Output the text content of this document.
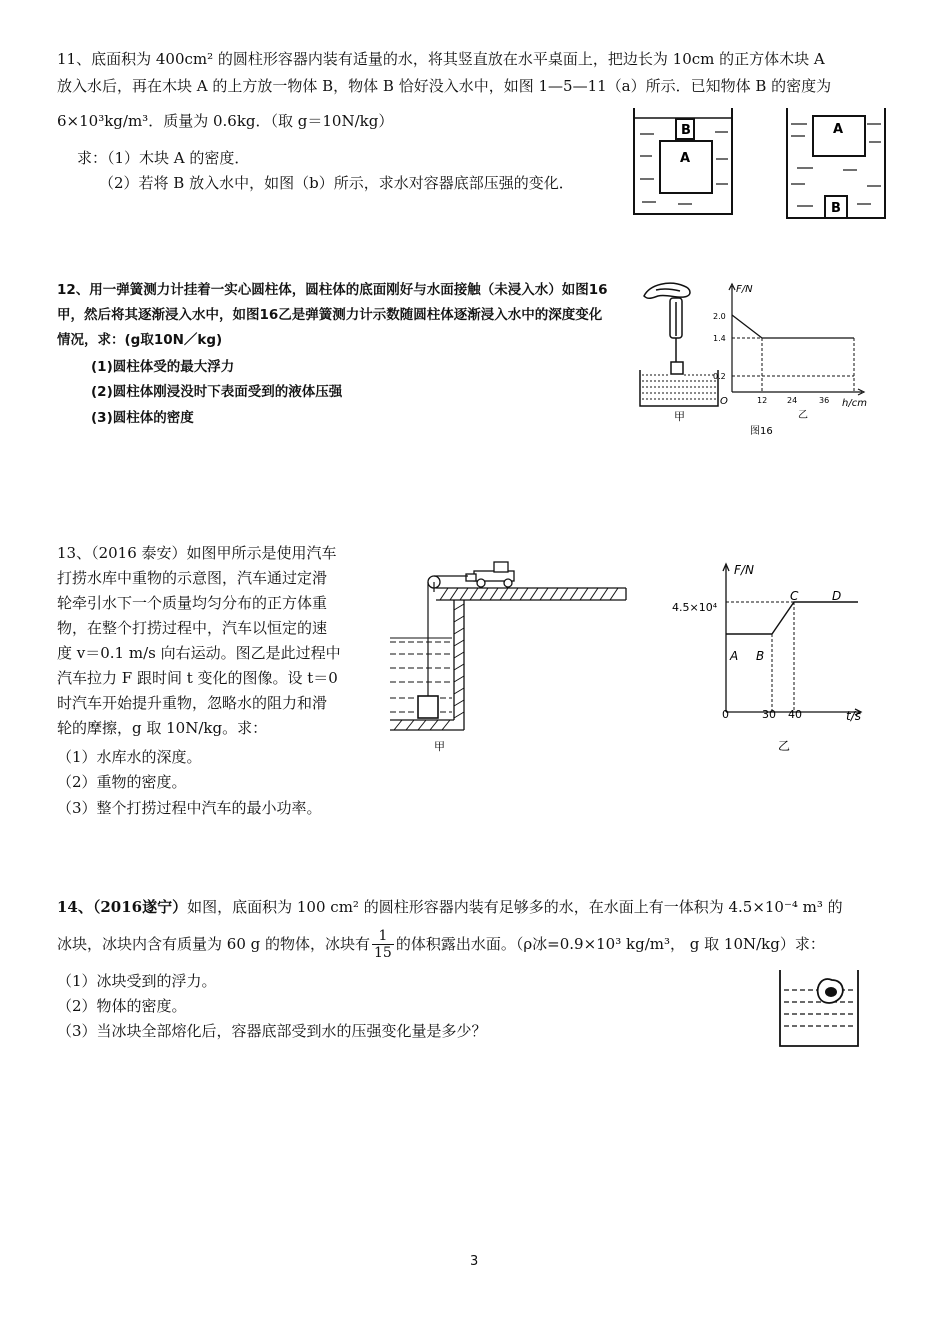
11、底面积为 400cm² 的圆柱形容器内装有适量的水，将其竖直放在水平桌面上，把边长为 10cm 的正方体木块 A
放入水后，再在木块 A 的上方放一物体 B，物体 B 恰好没入水中，如图 1—5—11（a）所示．已知物体 B 的密度为
6×10³kg/m³．质量为 0.6kg．（取 g＝10N/kg）
求：（1）木块 A 的密度．
（2）若将 B 放入水中，如图（b）所示，求水对容器底部压强的变化．
B
A
A
B
12、用一弹簧测力计挂着一实心圆柱体，圆柱体的底面刚好与水面接触（未浸入水）如图16
甲，然后将其逐渐浸入水中，如图16乙是弹簧测力计示数随圆柱体逐渐浸入水中的深度变化
情况，求：(g取10N／kg)
(1)圆柱体受的最大浮力
(2)圆柱体刚浸没时下表面受到的液体压强
(3)圆柱体的密度	甲
F/N
h/cm
O
2.0
1.4
0.2
12 24	36
乙
图16
13、（2016 泰安）如图甲所示是使用汽车
打捞水库中重物的示意图，汽车通过定滑
轮牵引水下一个质量均匀分布的正方体重
物，在整个打捞过程中，汽车以恒定的速
度 v＝0.1 m/s 向右运动。图乙是此过程中
汽车拉力 F 跟时间 t 变化的图像。设 t＝0
时汽车开始提升重物，忽略水的阻力和滑
轮的摩擦，g 取 10N/kg。求：
（1）水库水的深度。
（2）重物的密度。
（3）整个打捞过程中汽车的最小功率。
甲
F/N
t/s
4.5×10⁴
0	30 40
A B
C	D
乙
14、（2016遂宁）如图，底面积为 100 cm² 的圆柱形容器内装有足够多的水，在水面上有一体积为 4.5×10⁻⁴ m³ 的
冰块，冰块内含有质量为 60 g 的物体，冰块有 $\frac{1}{15}$ 的体积露出水面。（ρ冰=0.9×10³ kg/m³， g 取 10N/kg）求：
（1）冰块受到的浮力。
（2）物体的密度。
（3）当冰块全部熔化后，容器底部受到水的压强变化量是多少？
3
